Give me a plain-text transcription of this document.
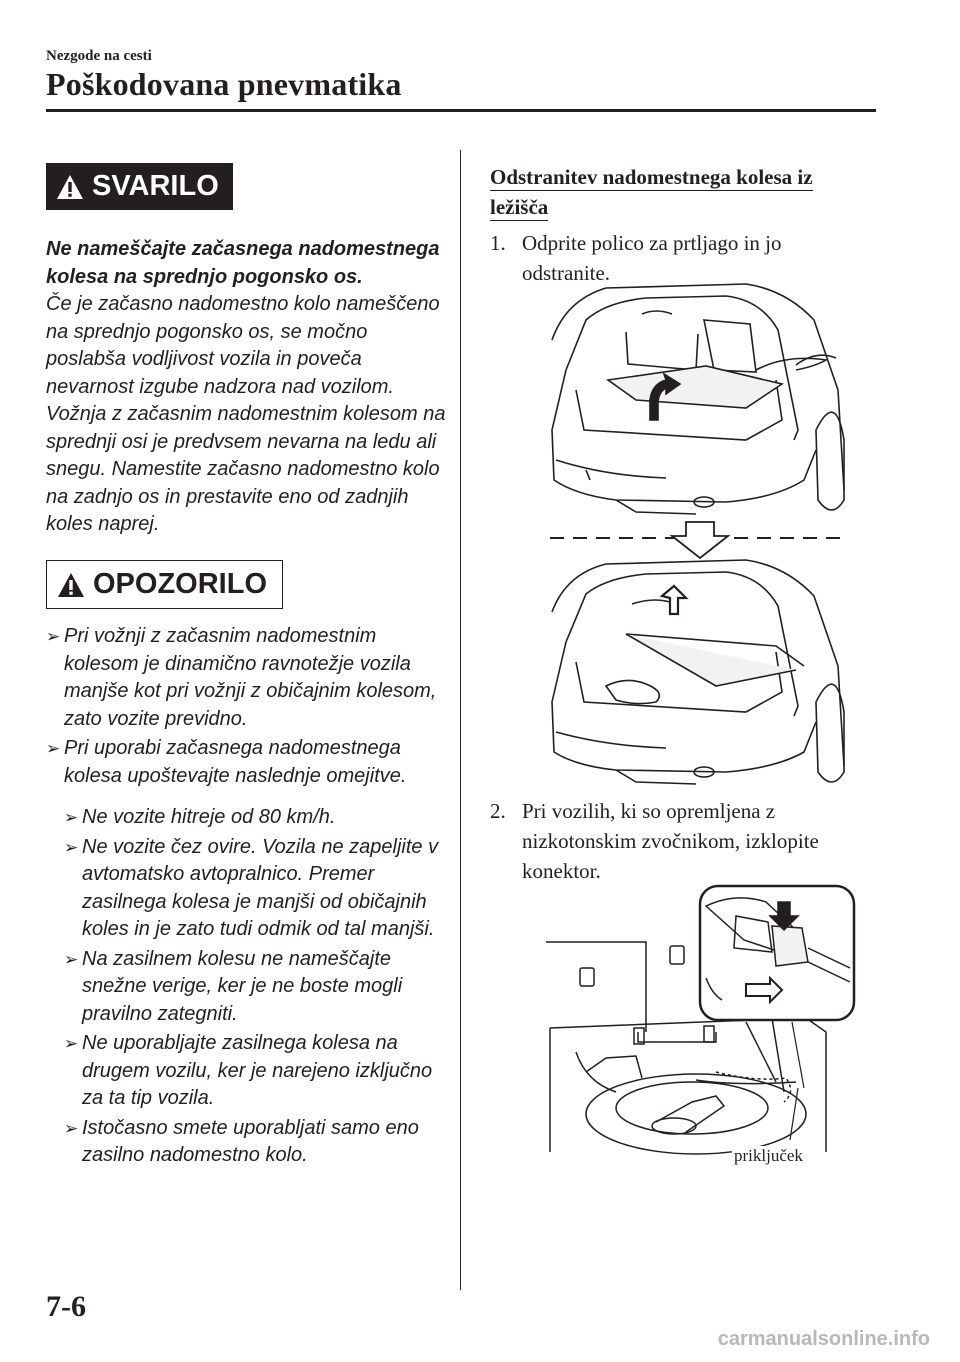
Nezgode na cesti
Poškodovana pnevmatika
SVARILO
Ne nameščajte začasnega nadomestnega kolesa na sprednjo pogonsko os.
Če je začasno nadomestno kolo nameščeno na sprednjo pogonsko os, se močno poslabša vodljivost vozila in poveča nevarnost izgube nadzora nad vozilom. Vožnja z začasnim nadomestnim kolesom na sprednji osi je predvsem nevarna na ledu ali snegu. Namestite začasno nadomestno kolo na zadnjo os in prestavite eno od zadnjih koles naprej.
OPOZORILO
➢ Pri vožnji z začasnim nadomestnim kolesom je dinamično ravnotežje vozila manjše kot pri vožnji z običajnim kolesom, zato vozite previdno.
➢ Pri uporabi začasnega nadomestnega kolesa upoštevajte naslednje omejitve.
➢ Ne vozite hitreje od 80 km/h.
➢ Ne vozite čez ovire. Vozila ne zapeljite v avtomatsko avtopralnico. Premer zasilnega kolesa je manjši od običajnih koles in je zato tudi odmik od tal manjši.
➢ Na zasilnem kolesu ne nameščajte snežne verige, ker je ne boste mogli pravilno zategniti.
➢ Ne uporabljajte zasilnega kolesa na drugem vozilu, ker je narejeno izključno za ta tip vozila.
➢ Istočasno smete uporabljati samo eno zasilno nadomestno kolo.
Odstranitev nadomestnega kolesa iz ležišča
1. Odprite polico za prtljago in jo odstranite.
2. Pri vozilih, ki so opremljena z nizkotonskim zvočnikom, izklopite konektor.
priključek
7-6
carmanualsonline.info
